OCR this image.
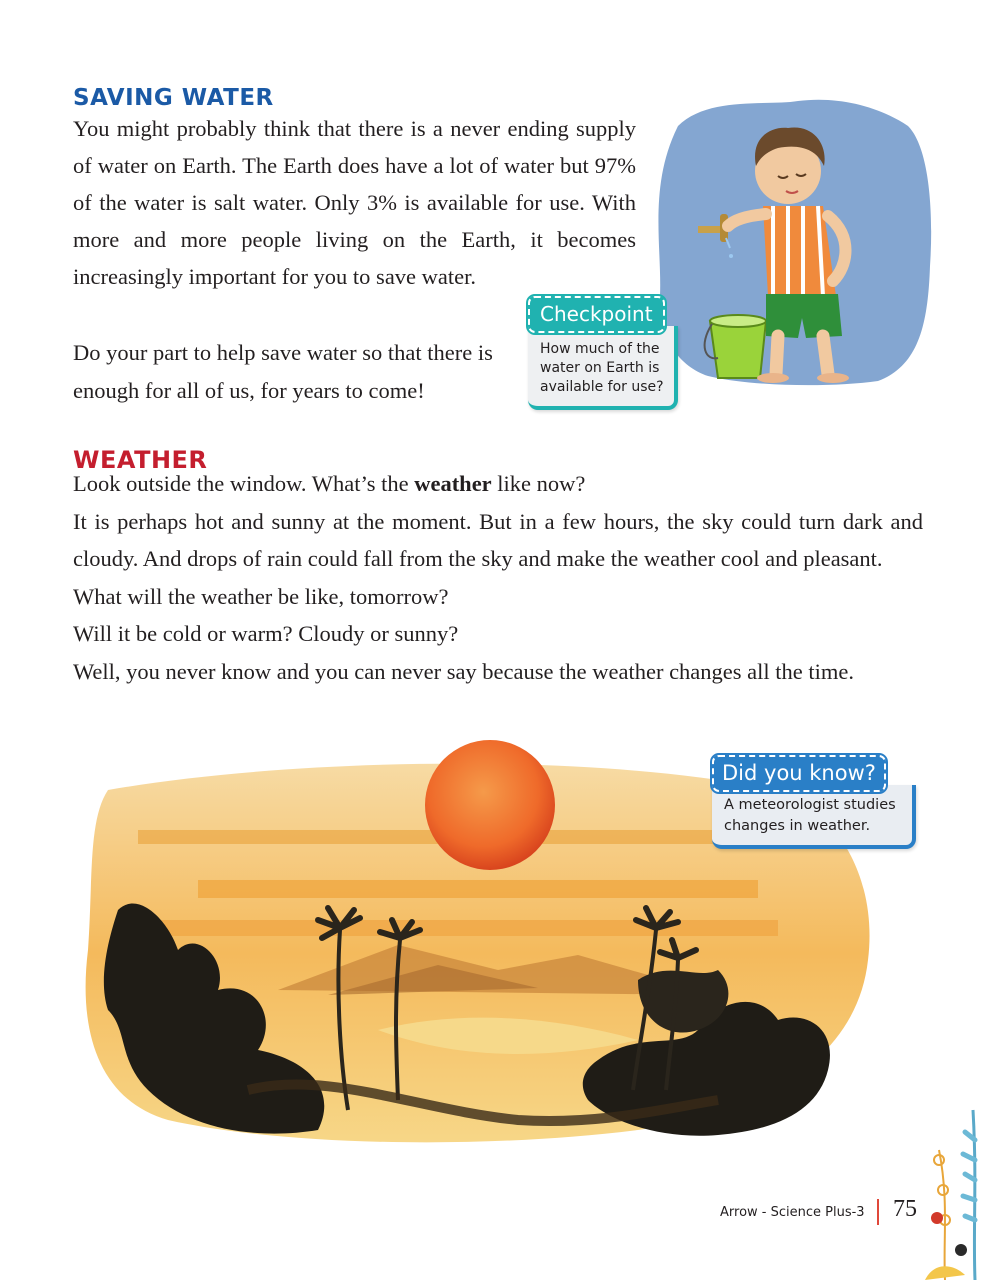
SAVING WATER

You might probably think that there is a never ending supply of water on Earth. The Earth does have a lot of water but 97% of the water is salt water. Only 3% is available for use. With more and more people living on the Earth, it becomes increasingly important for you to save water.

Do your part to help save water so that there is enough for all of us, for years to come!

How much of the water on Earth is available for use?
Checkpoint
WEATHER

Look outside the window. What’s the weather like now?

It is perhaps hot and sunny at the moment. But in a few hours, the sky could turn dark and cloudy. And drops of rain could fall from the sky and make the weather cool and pleasant.

What will the weather be like, tomorrow?

Will it be cold or warm? Cloudy or sunny?

Well, you never know and you can never say because the weather changes all the time.

A meteorologist studies changes in weather.
Did you know?
Arrow - Science Plus-3 75
